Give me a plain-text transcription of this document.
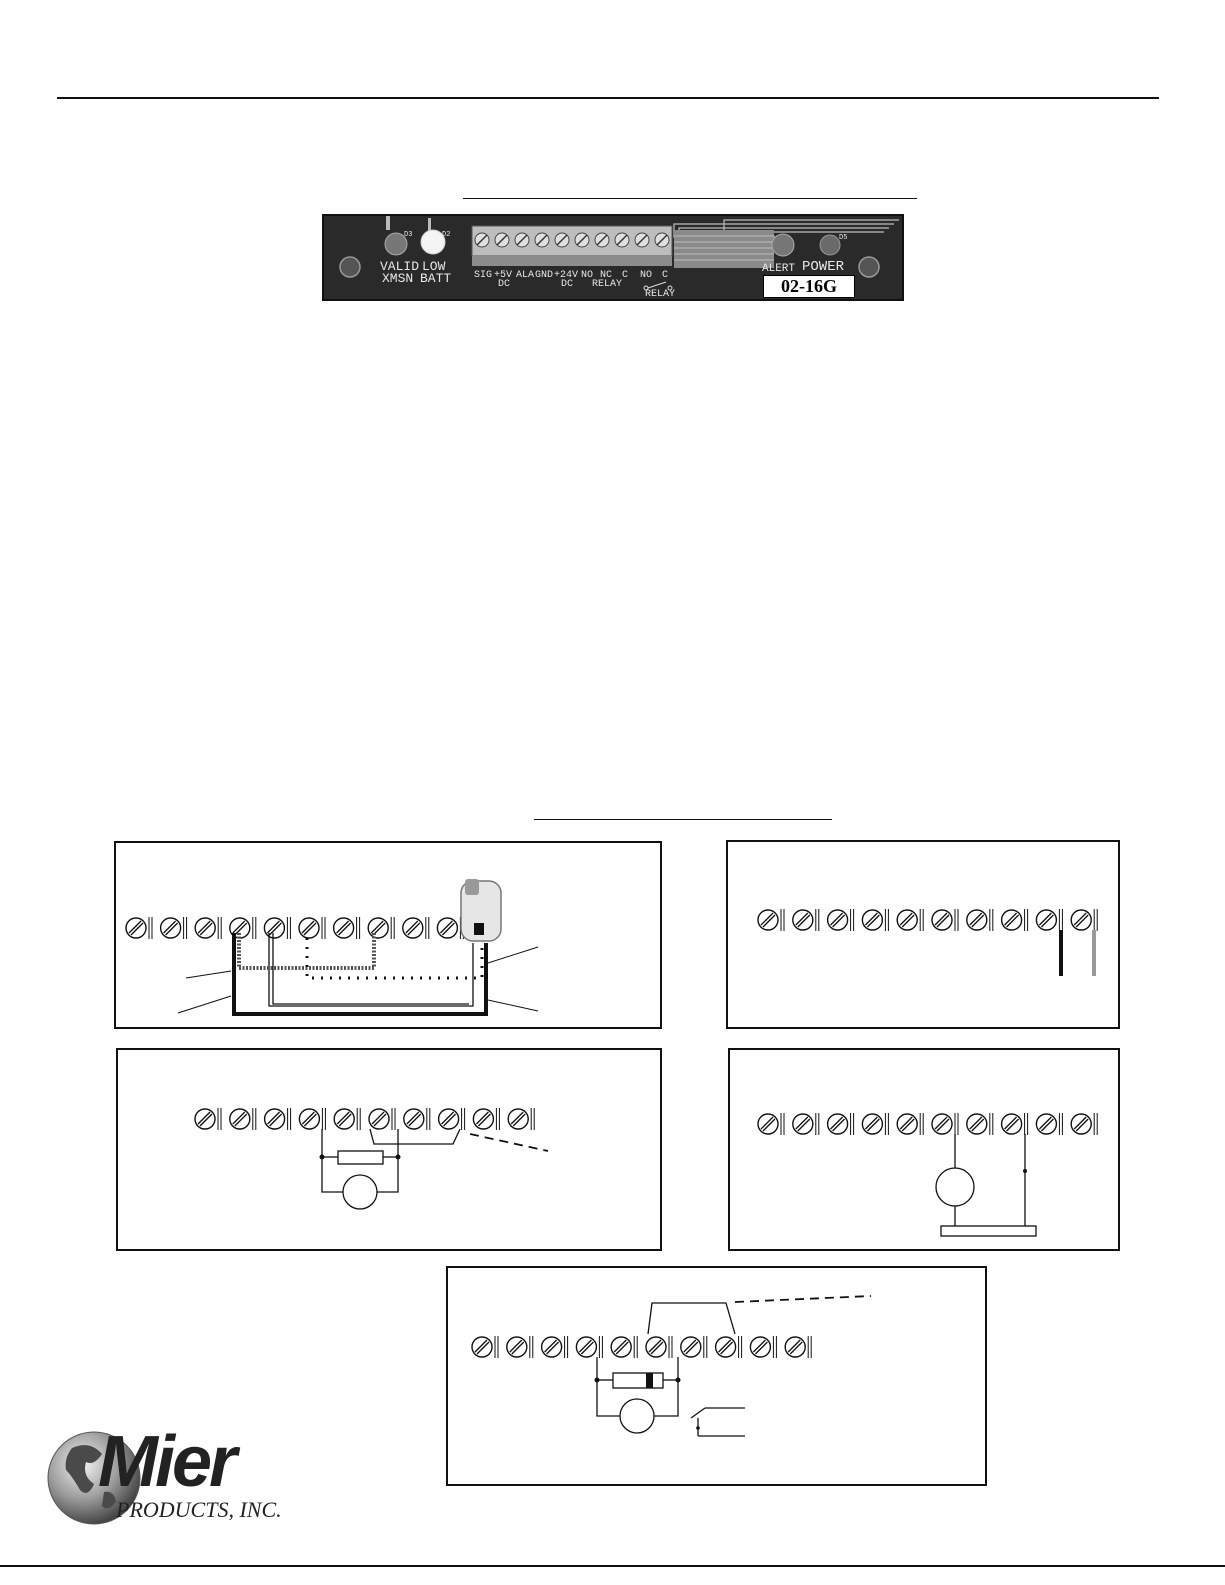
D3	D2	D5
VALID
XMSN
LOW
BATT SIG +5V ALA GND +24V NO NC C NO C
DC	DC RELAY
RELAY
ALERT POWER
02-16G
Mier
PRODUCTS, INC.
